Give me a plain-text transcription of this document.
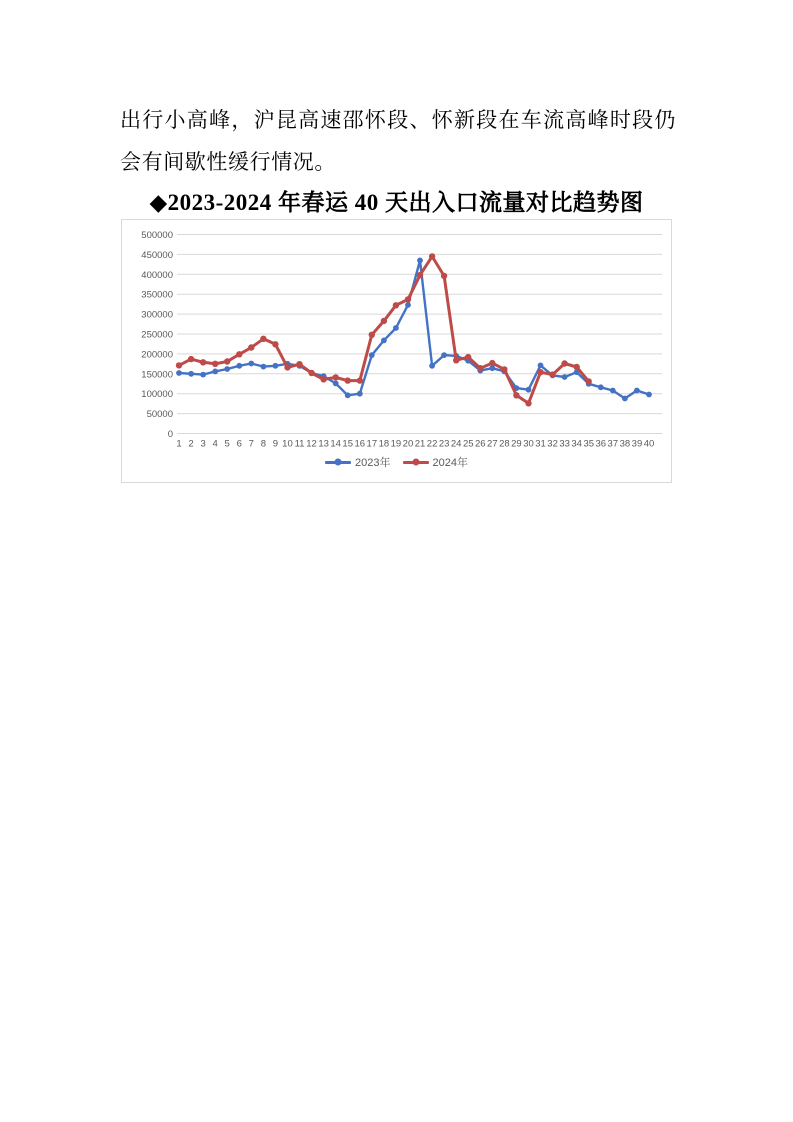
出行小高峰，沪昆高速邵怀段、怀新段在车流高峰时段仍会有间歇性缓行情况。
◆2023-2024 年春运 40 天出入口流量对比趋势图
500000
450000
400000
350000
300000
250000
200000
150000
100000
50000
0
1 2 3 4 5 6 7 8 9 10 11 12 13 14 15 16 17 18 19 20 21 22 23 24 25 26 27 28 29 30 31 32 33 34 35 36 37 38 39 40
2023年	2024年
